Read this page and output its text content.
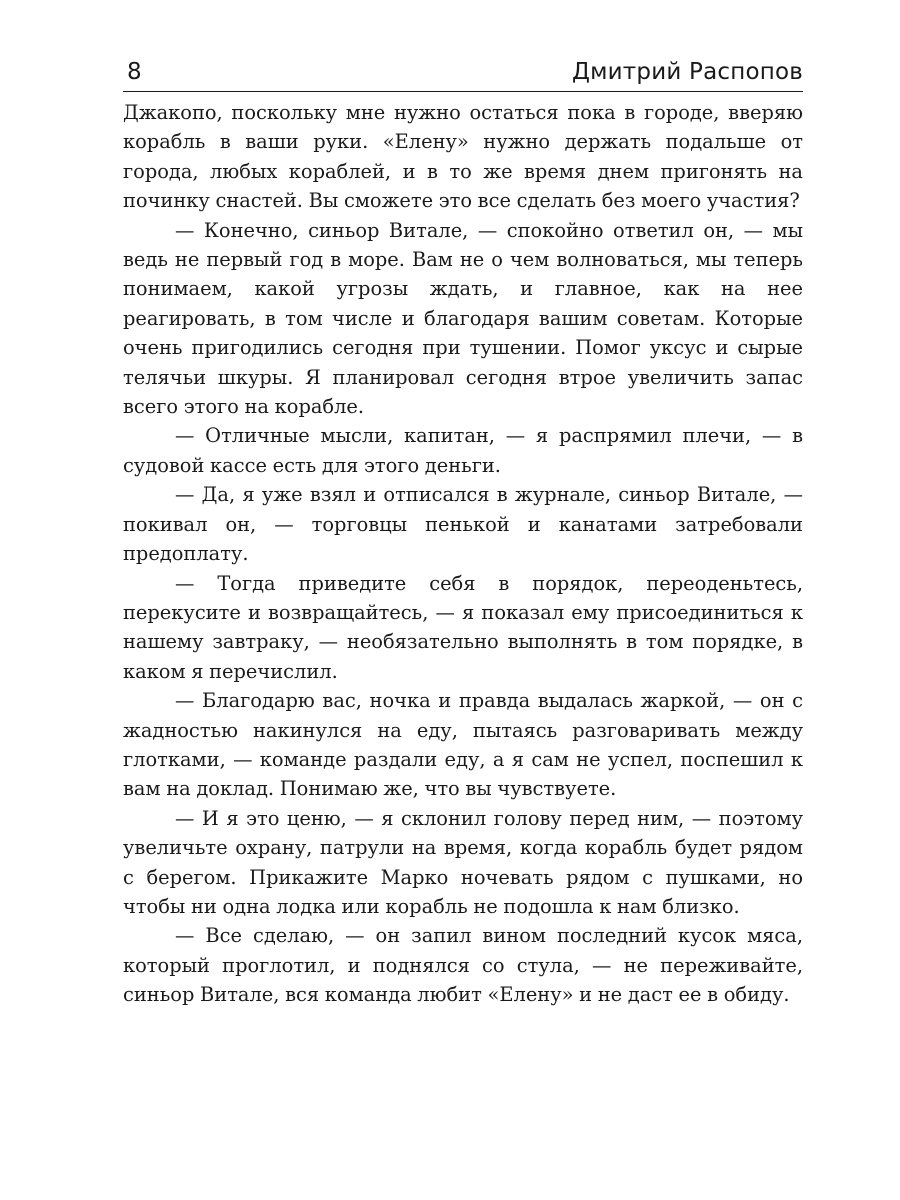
8	Дмитрий Распопов

Джакопо, поскольку мне нужно остаться пока в городе, вверяю корабль в ваши руки. «Елену» нужно держать подальше от города, любых кораблей, и в то же время днем пригонять на починку снастей. Вы сможете это все сделать без моего участия?

— Конечно, синьор Витале, — спокойно ответил он, — мы ведь не первый год в море. Вам не о чем волноваться, мы теперь понимаем, какой угрозы ждать, и главное, как на нее реагировать, в том числе и благодаря вашим советам. Которые очень пригодились сегодня при тушении. Помог уксус и сырые телячьи шкуры. Я планировал сегодня втрое увеличить запас всего этого на корабле.

— Отличные мысли, капитан, — я распрямил плечи, — в судовой кассе есть для этого деньги.

— Да, я уже взял и отписался в журнале, синьор Витале, — покивал он, — торговцы пенькой и канатами затребовали предоплату.

— Тогда приведите себя в порядок, переоденьтесь, перекусите и возвращайтесь, — я показал ему присоединиться к нашему завтраку, — необязательно выполнять в том порядке, в каком я перечислил.

— Благодарю вас, ночка и правда выдалась жаркой, — он с жадностью накинулся на еду, пытаясь разговаривать между глотками, — команде раздали еду, а я сам не успел, поспешил к вам на доклад. Понимаю же, что вы чувствуете.

— И я это ценю, — я склонил голову перед ним, — поэтому увеличьте охрану, патрули на время, когда корабль будет рядом с берегом. Прикажите Марко ночевать рядом с пушками, но чтобы ни одна лодка или корабль не подошла к нам близко.

— Все сделаю, — он запил вином последний кусок мяса, который проглотил, и поднялся со стула, — не переживайте, синьор Витале, вся команда любит «Елену» и не даст ее в обиду.
